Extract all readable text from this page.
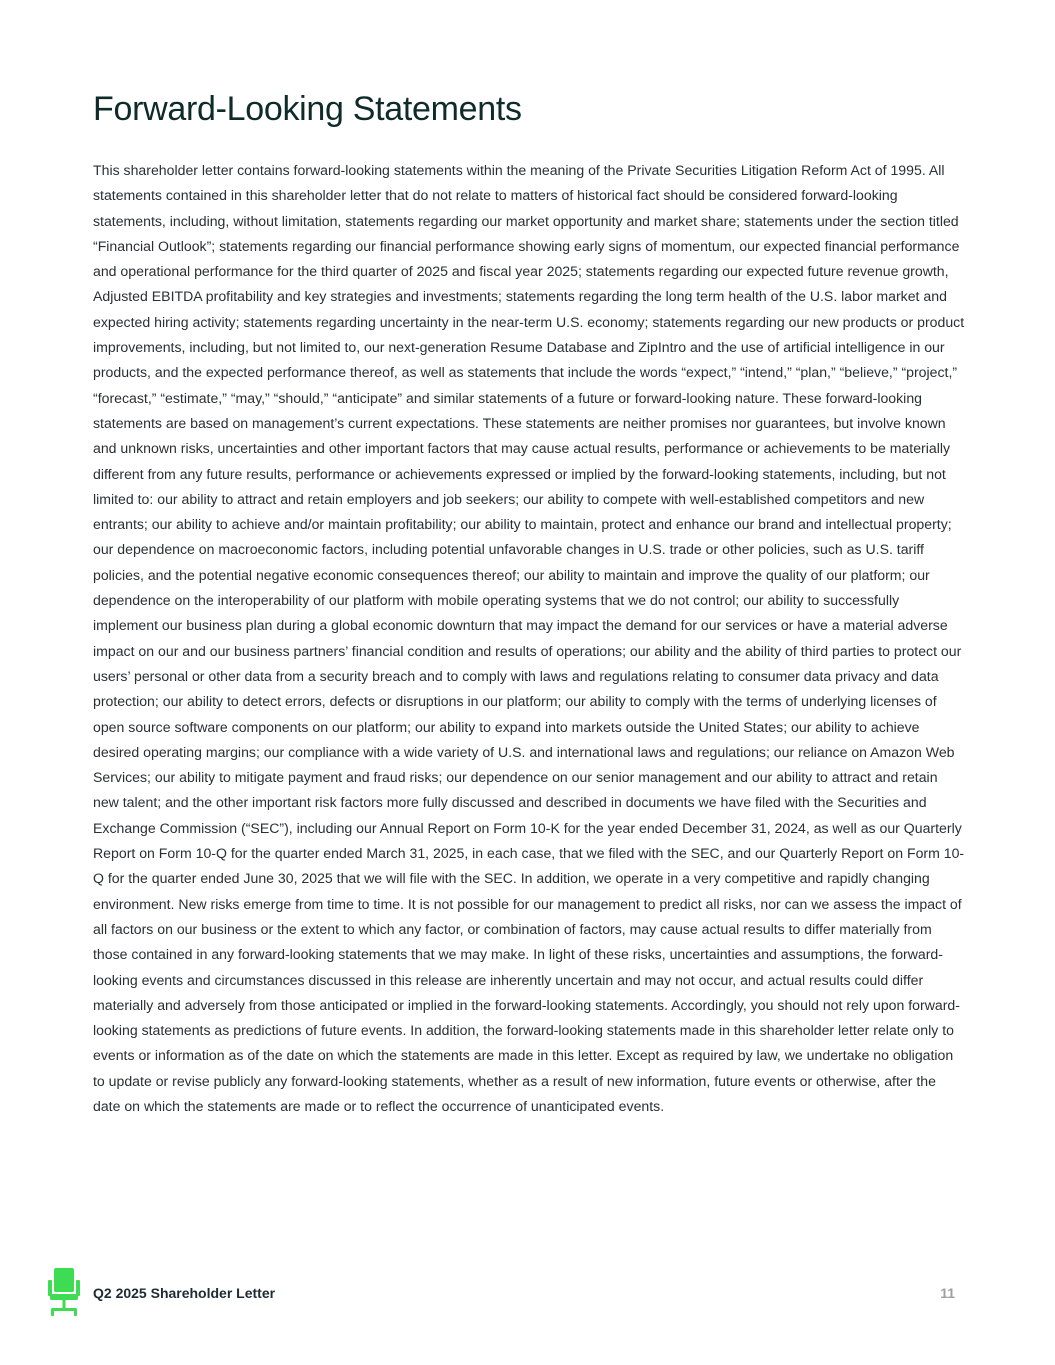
Forward-Looking Statements

This shareholder letter contains forward-looking statements within the meaning of the Private Securities Litigation Reform Act of 1995. All statements contained in this shareholder letter that do not relate to matters of historical fact should be considered forward-looking statements, including, without limitation, statements regarding our market opportunity and market share; statements under the section titled “Financial Outlook”; statements regarding our financial performance showing early signs of momentum, our expected financial performance and operational performance for the third quarter of 2025 and fiscal year 2025; statements regarding our expected future revenue growth, Adjusted EBITDA profitability and key strategies and investments; statements regarding the long term health of the U.S. labor market and expected hiring activity; statements regarding uncertainty in the near-term U.S. economy; statements regarding our new products or product improvements, including, but not limited to, our next-generation Resume Database and ZipIntro and the use of artificial intelligence in our products, and the expected performance thereof, as well as statements that include the words “expect,” “intend,” “plan,” “believe,” “project,” “forecast,” “estimate,” “may,” “should,” “anticipate” and similar statements of a future or forward-looking nature. These forward-looking statements are based on management’s current expectations. These statements are neither promises nor guarantees, but involve known and unknown risks, uncertainties and other important factors that may cause actual results, performance or achievements to be materially different from any future results, performance or achievements expressed or implied by the forward-looking statements, including, but not limited to: our ability to attract and retain employers and job seekers; our ability to compete with well-established competitors and new entrants; our ability to achieve and/or maintain profitability; our ability to maintain, protect and enhance our brand and intellectual property; our dependence on macroeconomic factors, including potential unfavorable changes in U.S. trade or other policies, such as U.S. tariff policies, and the potential negative economic consequences thereof; our ability to maintain and improve the quality of our platform; our dependence on the interoperability of our platform with mobile operating systems that we do not control; our ability to successfully implement our business plan during a global economic downturn that may impact the demand for our services or have a material adverse impact on our and our business partners’ financial condition and results of operations; our ability and the ability of third parties to protect our users’ personal or other data from a security breach and to comply with laws and regulations relating to consumer data privacy and data protection; our ability to detect errors, defects or disruptions in our platform; our ability to comply with the terms of underlying licenses of open source software components on our platform; our ability to expand into markets outside the United States; our ability to achieve desired operating margins; our compliance with a wide variety of U.S. and international laws and regulations; our reliance on Amazon Web Services; our ability to mitigate payment and fraud risks; our dependence on our senior management and our ability to attract and retain new talent; and the other important risk factors more fully discussed and described in documents we have filed with the Securities and Exchange Commission (“SEC”), including our Annual Report on Form 10-K for the year ended December 31, 2024, as well as our Quarterly Report on Form 10-Q for the quarter ended March 31, 2025, in each case, that we filed with the SEC, and our Quarterly Report on Form 10-Q for the quarter ended June 30, 2025 that we will file with the SEC. In addition, we operate in a very competitive and rapidly changing environment. New risks emerge from time to time. It is not possible for our management to predict all risks, nor can we assess the impact of all factors on our business or the extent to which any factor, or combination of factors, may cause actual results to differ materially from those contained in any forward-looking statements that we may make. In light of these risks, uncertainties and assumptions, the forward-looking events and circumstances discussed in this release are inherently uncertain and may not occur, and actual results could differ materially and adversely from those anticipated or implied in the forward-looking statements. Accordingly, you should not rely upon forward-looking statements as predictions of future events. In addition, the forward-looking statements made in this shareholder letter relate only to events or information as of the date on which the statements are made in this letter. Except as required by law, we undertake no obligation to update or revise publicly any forward-looking statements, whether as a result of new information, future events or otherwise, after the date on which the statements are made or to reflect the occurrence of unanticipated events.

Q2 2025 Shareholder Letter	11
